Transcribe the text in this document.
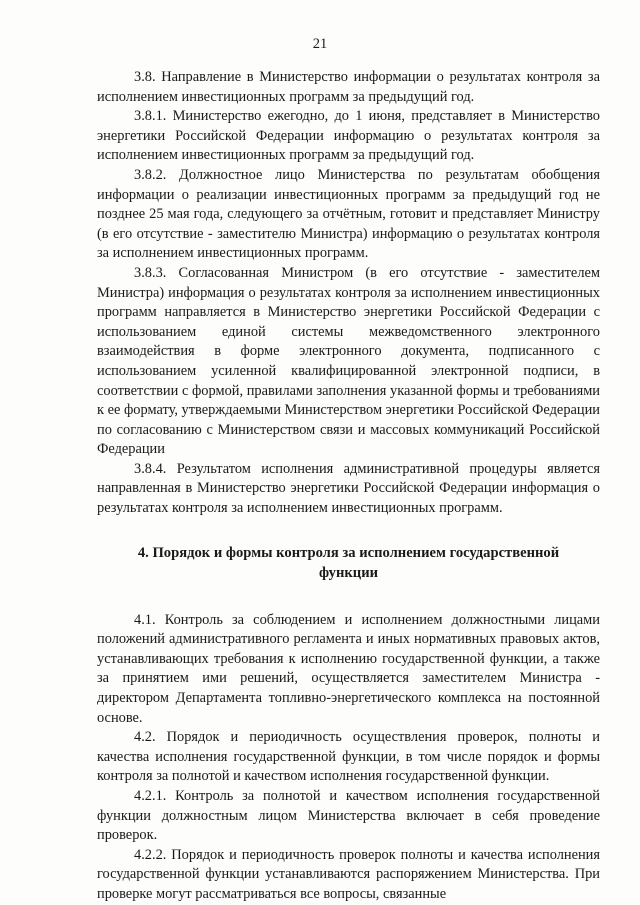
21

3.8. Направление в Министерство информации о результатах контроля за исполнением инвестиционных программ за предыдущий год.

3.8.1. Министерство ежегодно, до 1 июня, представляет в Министерство энергетики Российской Федерации информацию о результатах контроля за исполнением инвестиционных программ за предыдущий год.

3.8.2. Должностное лицо Министерства по результатам обобщения информации о реализации инвестиционных программ за предыдущий год не позднее 25 мая года, следующего за отчётным, готовит и представляет Министру (в его отсутствие - заместителю Министра) информацию о результатах контроля за исполнением инвестиционных программ.

3.8.3. Согласованная Министром (в его отсутствие - заместителем Министра) информация о результатах контроля за исполнением инвестиционных программ направляется в Министерство энергетики Российской Федерации с использованием единой системы межведомственного электронного взаимодействия в форме электронного документа, подписанного с использованием усиленной квалифицированной электронной подписи, в соответствии с формой, правилами заполнения указанной формы и требованиями к ее формату, утверждаемыми Министерством энергетики Российской Федерации по согласованию с Министерством связи и массовых коммуникаций Российской Федерации

3.8.4. Результатом исполнения административной процедуры является направленная в Министерство энергетики Российской Федерации информация о результатах контроля за исполнением инвестиционных программ.

4. Порядок и формы контроля за исполнением государственной функции

4.1. Контроль за соблюдением и исполнением должностными лицами положений административного регламента и иных нормативных правовых актов, устанавливающих требования к исполнению государственной функции, а также за принятием ими решений, осуществляется заместителем Министра - директором Департамента топливно-энергетического комплекса на постоянной основе.

4.2. Порядок и периодичность осуществления проверок, полноты и качества исполнения государственной функции, в том числе порядок и формы контроля за полнотой и качеством исполнения государственной функции.

4.2.1. Контроль за полнотой и качеством исполнения государственной функции должностным лицом Министерства включает в себя проведение проверок.

4.2.2. Порядок и периодичность проверок полноты и качества исполнения государственной функции устанавливаются распоряжением Министерства. При проверке могут рассматриваться все вопросы, связанные
